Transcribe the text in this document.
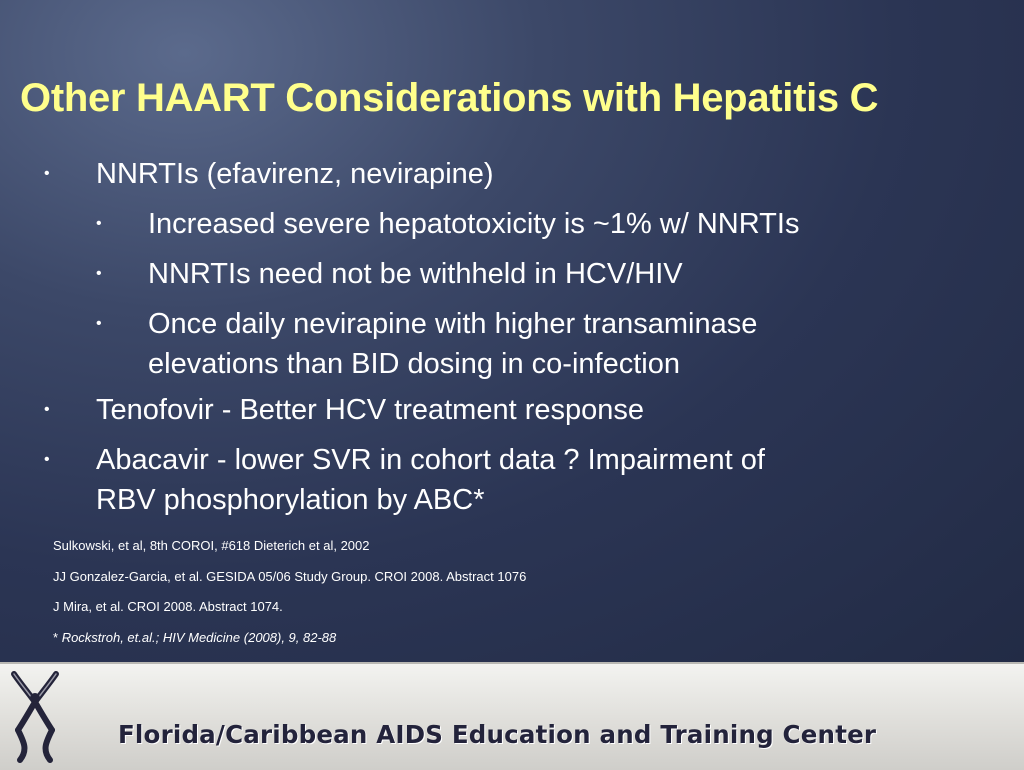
Other HAART Considerations with Hepatitis C
• NNRTIs (efavirenz, nevirapine)
• Increased severe hepatotoxicity is ~1% w/ NNRTIs
• NNRTIs need not be withheld in HCV/HIV
• Once daily nevirapine with higher transaminase
elevations than BID dosing in co-infection
• Tenofovir - Better HCV treatment response
• Abacavir - lower SVR in cohort data ? Impairment of
RBV phosphorylation by ABC*
Sulkowski, et al, 8th COROI, #618 Dieterich et al, 2002
JJ Gonzalez-Garcia, et al. GESIDA 05/06 Study Group. CROI 2008. Abstract 1076
J Mira, et al. CROI 2008. Abstract 1074.
* Rockstroh, et.al.; HIV Medicine (2008), 9, 82-88
Florida/Caribbean AIDS Education and Training Center
